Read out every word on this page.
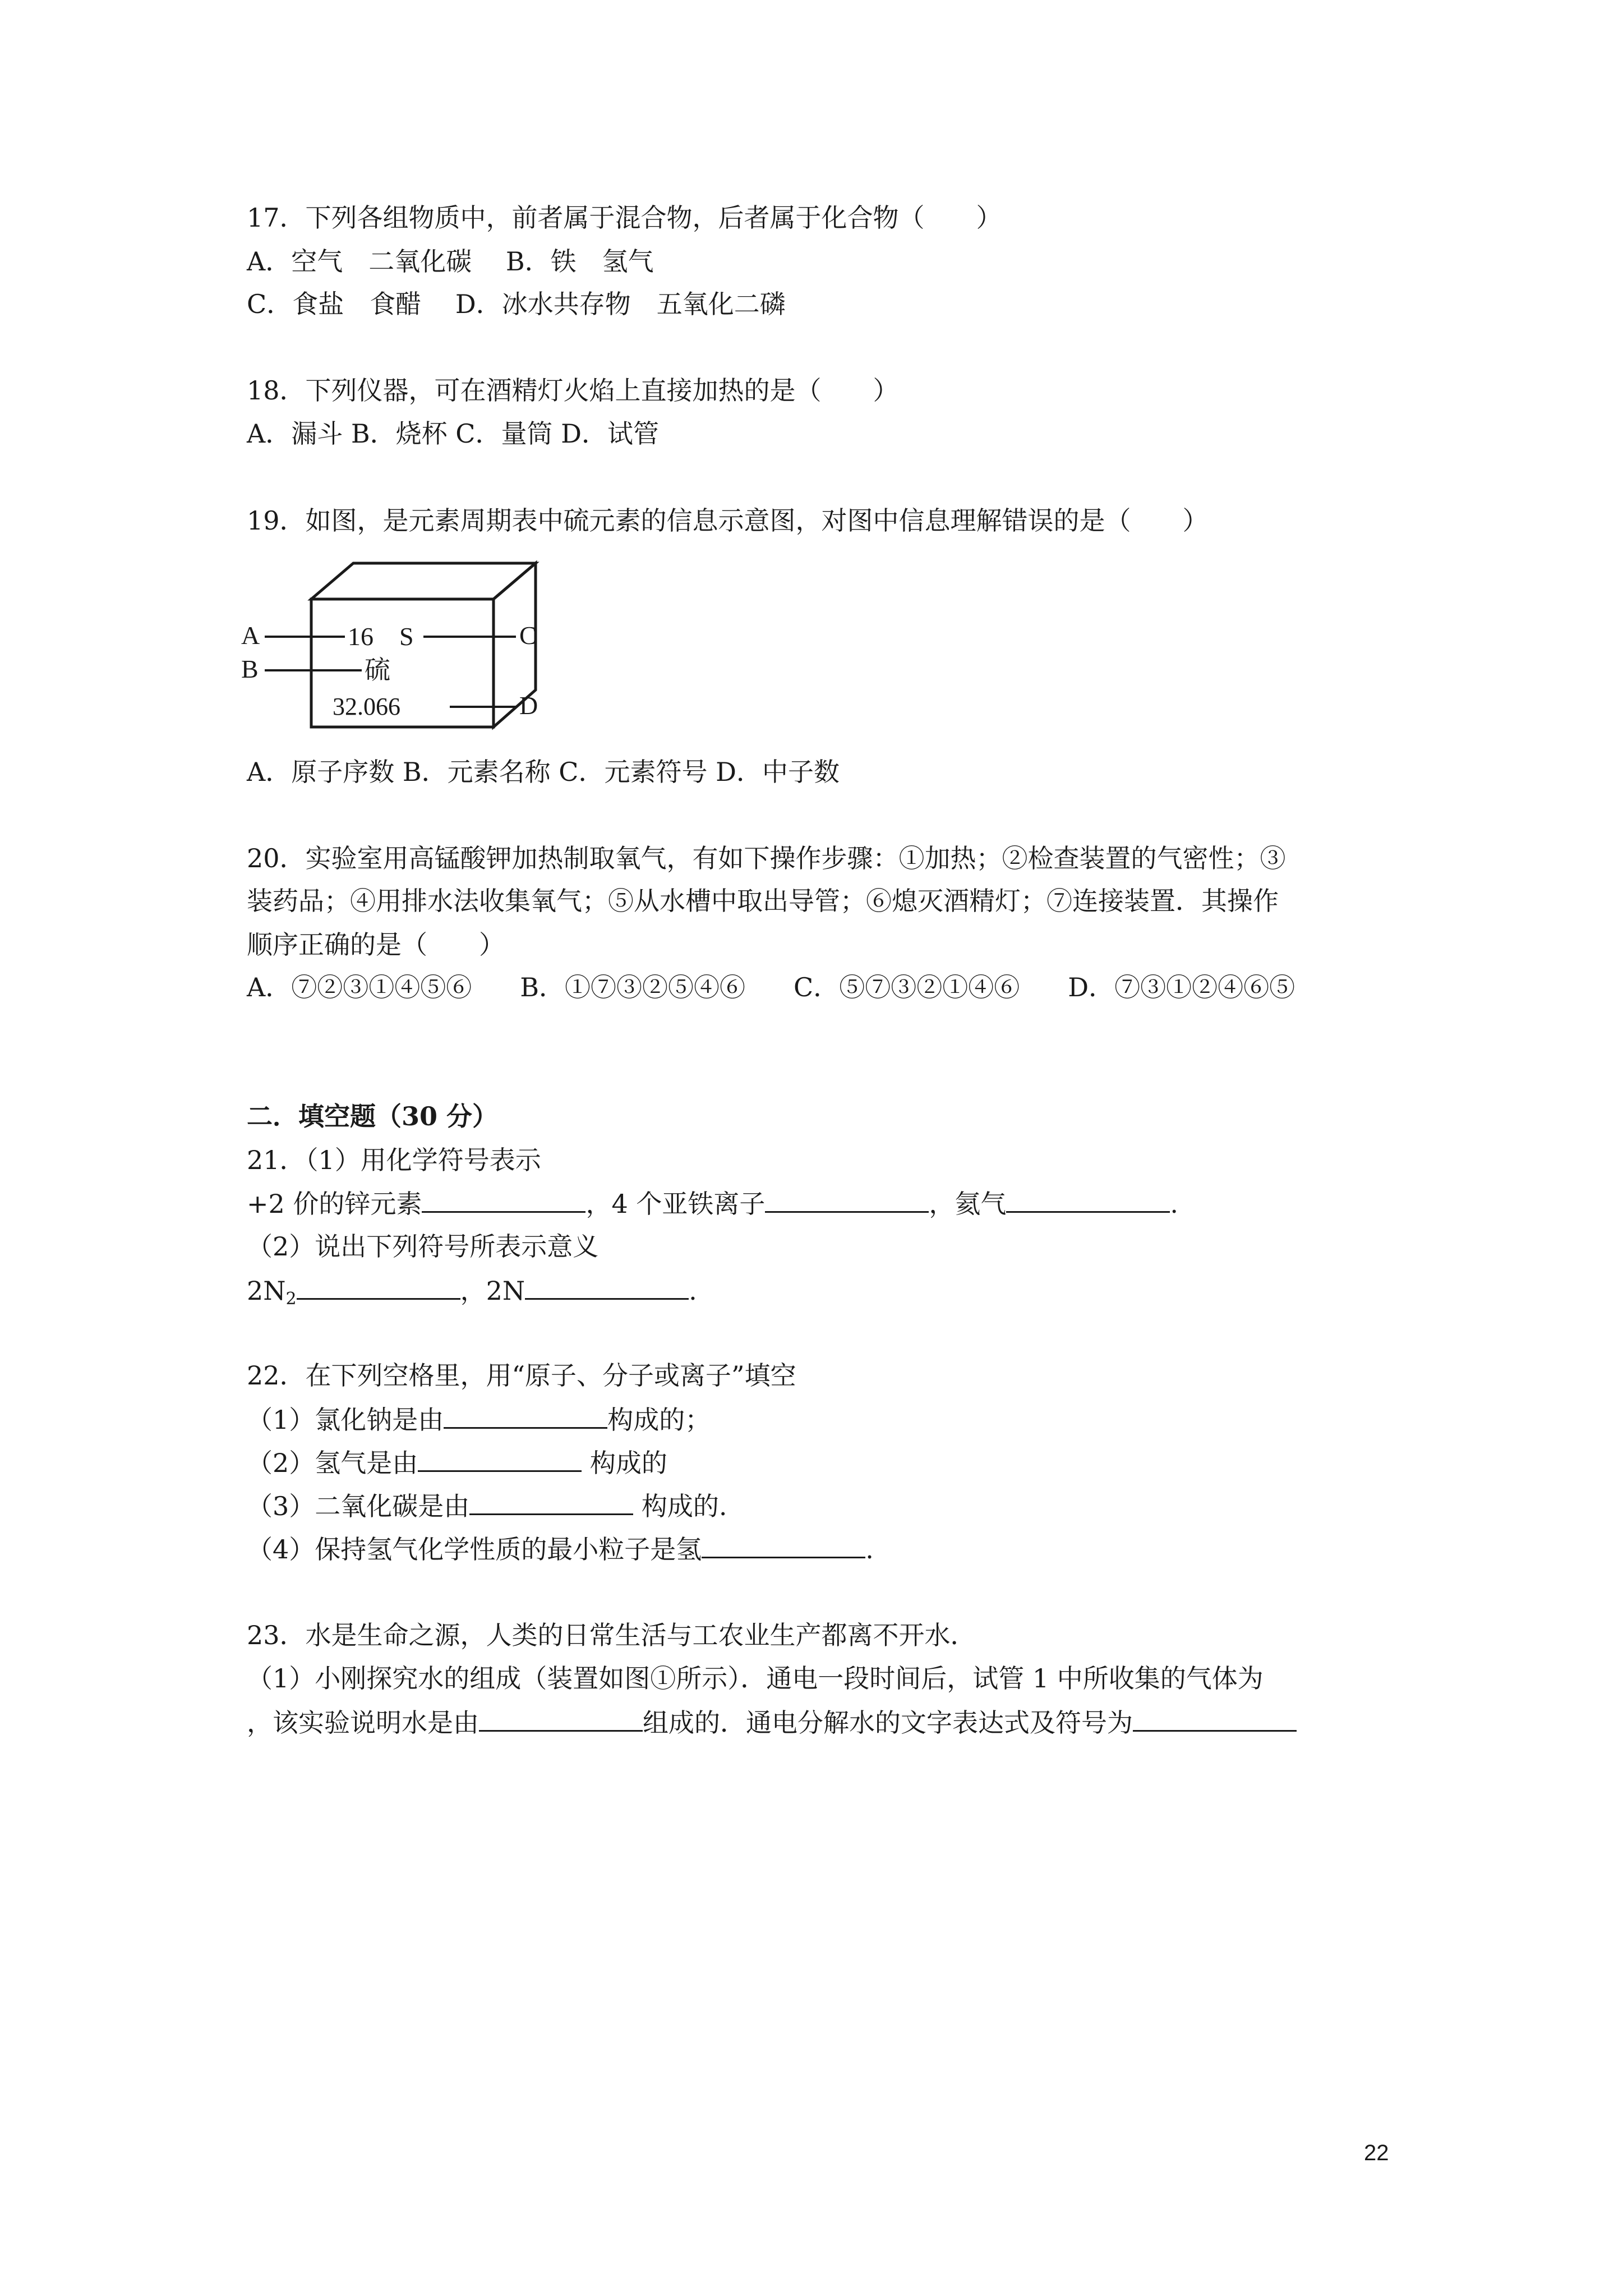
17．下列各组物质中，前者属于混合物，后者属于化合物（　　）
A．空气　二氧化碳　 B．铁　氢气
C．食盐　食醋　 D．冰水共存物　五氧化二磷
18．下列仪器，可在酒精灯火焰上直接加热的是（　　）
A．漏斗 B．烧杯 C．量筒 D．试管
19．如图，是元素周期表中硫元素的信息示意图，对图中信息理解错误的是（　　）
A
B
C
D
16 S
硫
32.066
A．原子序数 B．元素名称 C．元素符号 D．中子数
20．实验室用高锰酸钾加热制取氧气，有如下操作步骤：①加热；②检查装置的气密性；③
装药品；④用排水法收集氧气；⑤从水槽中取出导管；⑥熄灭酒精灯；⑦连接装置．其操作
顺序正确的是（　　）
A．⑦②③①④⑤⑥ B．①⑦③②⑤④⑥ C．⑤⑦③②①④⑥ D．⑦③①②④⑥⑤
二．填空题（30 分）
21．（1）用化学符号表示
+2 价的锌元素	，4 个亚铁离子	，氦气	.
（2）说出下列符号所表示意义
$2N_2$	，2N	.
22．在下列空格里，用“原子、分子或离子”填空
（1）氯化钠是由	构成的；
（2）氢气是由	构成的
（3）二氧化碳是由	构成的.
（4）保持氢气化学性质的最小粒子是氢	.
23．水是生命之源，人类的日常生活与工农业生产都离不开水．
（1）小刚探究水的组成（装置如图①所示）．通电一段时间后，试管 1 中所收集的气体为
，该实验说明水是由	组成的．通电分解水的文字表达式及符号为
22
